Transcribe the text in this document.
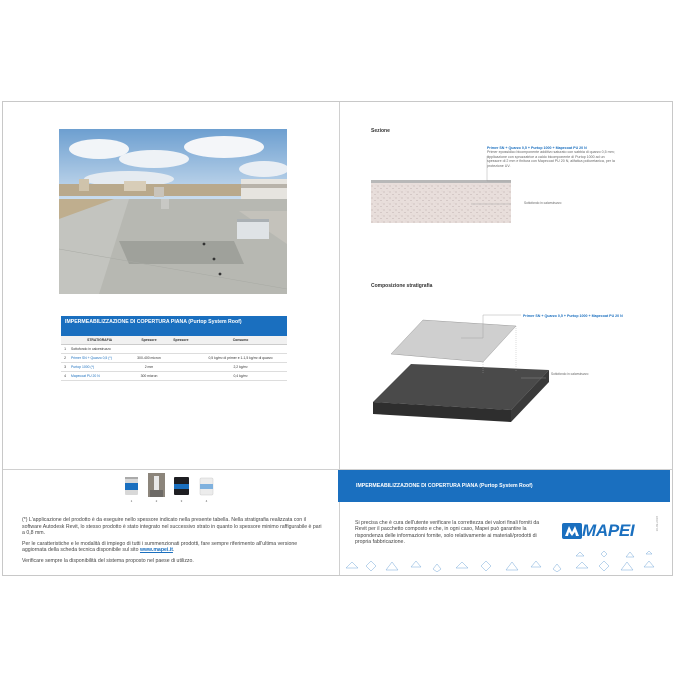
IMPERMEABILIZZAZIONE DI COPERTURA PIANA (Purtop System Roof)
	STRATIGRAFIA	Spessore	Spessore	Consumo
1	Sottofondo in calcestruzzo			
2	Primer SN + Quarzo 0,5 (*)	300-400 micron		0,5 kg/m² di primer e 1-1,5 kg/m² di quarzo
3	Purtop 1000 (*)	2 mm		2,2 kg/m²
4	Mapecoat PU 20 N	300 micron		0,4 kg/m²
1	2	3	4

(*) L'applicazione del prodotto è da eseguire nello spessore indicato nella presente tabella. Nella stratigrafia realizzata con il software Autodesk Revit, lo stesso prodotto è stato integrato nel successivo strato in quanto lo spessore minimo raffigurabile è pari a 0,8 mm.

Per le caratteristiche e le modalità di impiego di tutti i summenzionati prodotti, fare sempre riferimento all'ultima versione aggiornata della scheda tecnica disponibile sul sito www.mapei.it.

Verificare sempre la disponibilità del sistema proposto nel paese di utilizzo.

Sezione
Primer SN + Quarzo 0,5 + Purtop 1000 + Mapecoat PU 20 N
Primer epossidico bicomponente additivo saturato con sabbia di quarzo 0,5 mm; applicazione con spruzzatrice a caldo bicomponente di Purtop 1000 ad un spessore di 2 mm e finitura con Mapecoat PU 20 N, alifatica poliuretanica, per la protezione UV.
Sottofondo in calcestruzzo
Composizione stratigrafia
Primer SN + Quarzo 0,5 + Purtop 1000 + Mapecoat PU 20 N
Sottofondo in calcestruzzo
IMPERMEABILIZZAZIONE DI COPERTURA PIANA (Purtop System Roof)
Si precisa che è cura dell'utente verificare la correttezza dei valori finali forniti da Revit per il pacchetto composto e che, in ogni caso, Mapei può garantire la rispondenza delle informazioni fornite, solo relativamente ai materiali/prodotti di propria fabbricazione.
MAPEI	10-09-2018
